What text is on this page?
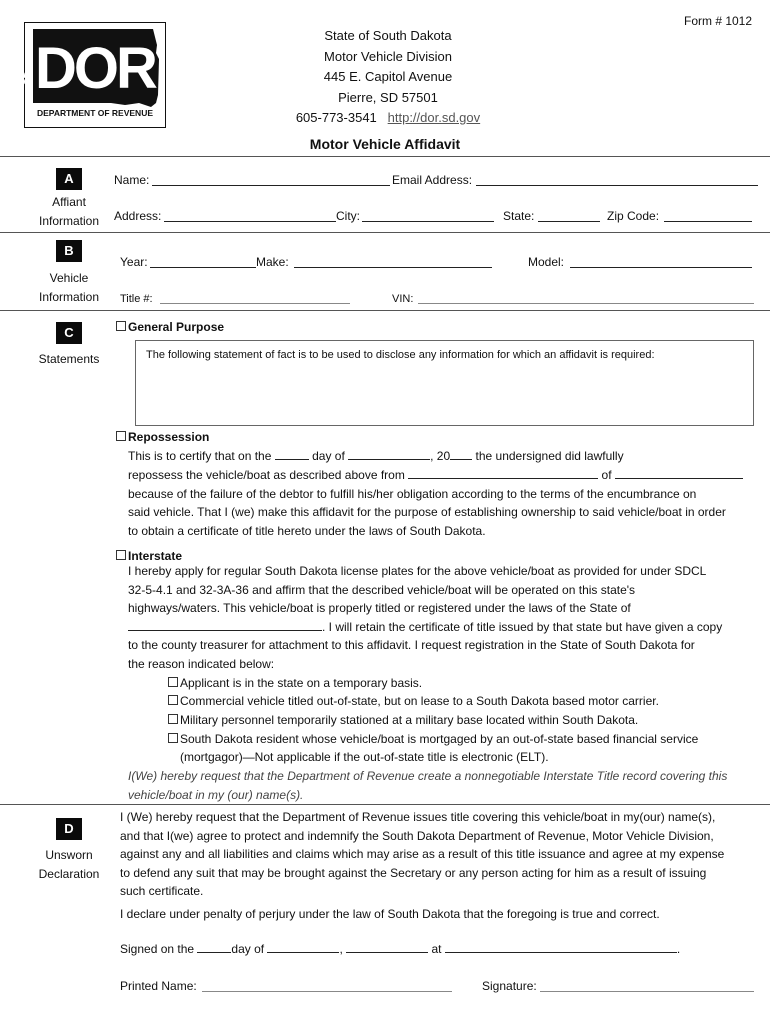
Form # 1012
DOR
SD
DEPARTMENT OF REVENUE
State of South Dakota
Motor Vehicle Division
445 E. Capitol Avenue
Pierre, SD 57501
605-773-3541 http://dor.sd.gov
Motor Vehicle Affidavit
A
Affiant
Information
Name:	Email Address:
Address:	City:	State:	Zip Code:
B
Vehicle
Information
Year:	Make:	Model:
Title #:	VIN:
C
Statements
General Purpose
The following statement of fact is to be used to disclose any information for which an affidavit is required:
Repossession
This is to certify that on the	day of	, 20 the undersigned did lawfully
repossess the vehicle/boat as described above from	of
because of the failure of the debtor to fulfill his/her obligation according to the terms of the encumbrance on
said vehicle. That I (we) make this affidavit for the purpose of establishing ownership to said vehicle/boat in order
to obtain a certificate of title hereto under the laws of South Dakota.
Interstate
I hereby apply for regular South Dakota license plates for the above vehicle/boat as provided for under SDCL
32-5-4.1 and 32-3A-36 and affirm that the described vehicle/boat will be operated on this state's
highways/waters. This vehicle/boat is properly titled or registered under the laws of the State of
. I will retain the certificate of title issued by that state but have given a copy
to the county treasurer for attachment to this affidavit. I request registration in the State of South Dakota for
the reason indicated below:
Applicant is in the state on a temporary basis.
Commercial vehicle titled out-of-state, but on lease to a South Dakota based motor carrier.
Military personnel temporarily stationed at a military base located within South Dakota.
South Dakota resident whose vehicle/boat is mortgaged by an out-of-state based financial service
(mortgagor)—Not applicable if the out-of-state title is electronic (ELT).
I(We) hereby request that the Department of Revenue create a nonnegotiable Interstate Title record covering this
vehicle/boat in my (our) name(s).
D
Unsworn
Declaration
I (We) hereby request that the Department of Revenue issues title covering this vehicle/boat in my(our) name(s),
and that I(we) agree to protect and indemnify the South Dakota Department of Revenue, Motor Vehicle Division,
against any and all liabilities and claims which may arise as a result of this title issuance and agree at my expense
to defend any suit that may be brought against the Secretary or any person acting for him as a result of issuing
such certificate.
I declare under penalty of perjury under the law of South Dakota that the foregoing is true and correct.
Signed on the	day of	,	at	.
Printed Name:	Signature:
